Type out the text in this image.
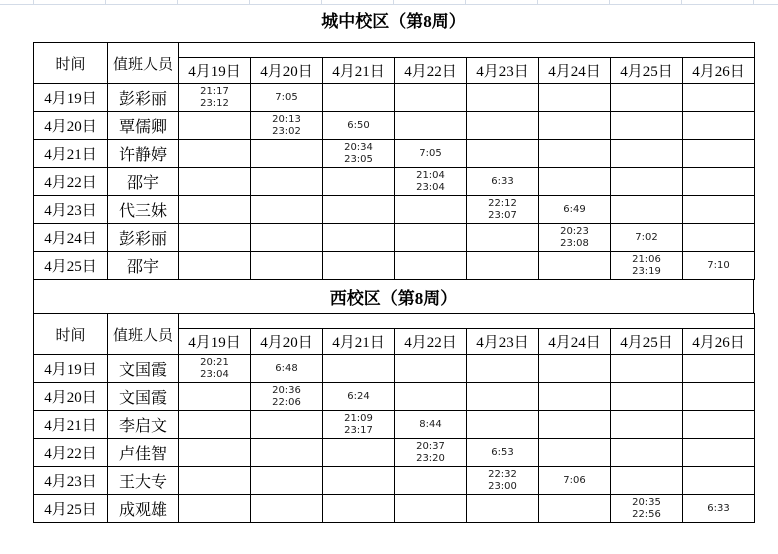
城中校区（第8周）
时间	值班人员								
		4月19日	4月20日	4月21日	4月22日	4月23日	4月24日	4月25日	4月26日
4月19日	彭彩丽	21:17
23:12	7:05						

4月20日	覃儒卿		20:13
23:02	6:50					

4月21日	许静婷			20:34
23:05	7:05				

4月22日	邵宇				21:04
23:04	6:33			

4月23日	代三妹					22:12
23:07	6:49		

4月24日	彭彩丽						20:23
23:08	7:02	

4月25日	邵宇							21:06
23:19	7:10
西校区（第8周）
时间	值班人员								
		4月19日	4月20日	4月21日	4月22日	4月23日	4月24日	4月25日	4月26日
4月19日	文国霞	20:21
23:04	6:48						

4月20日	文国霞		20:36
22:06	6:24					

4月21日	李启文			21:09
23:17	8:44				

4月22日	卢佳智				20:37
23:20	6:53			

4月23日	王大专					22:32
23:00	7:06		

4月25日	成观雄							20:35
22:56	6:33
